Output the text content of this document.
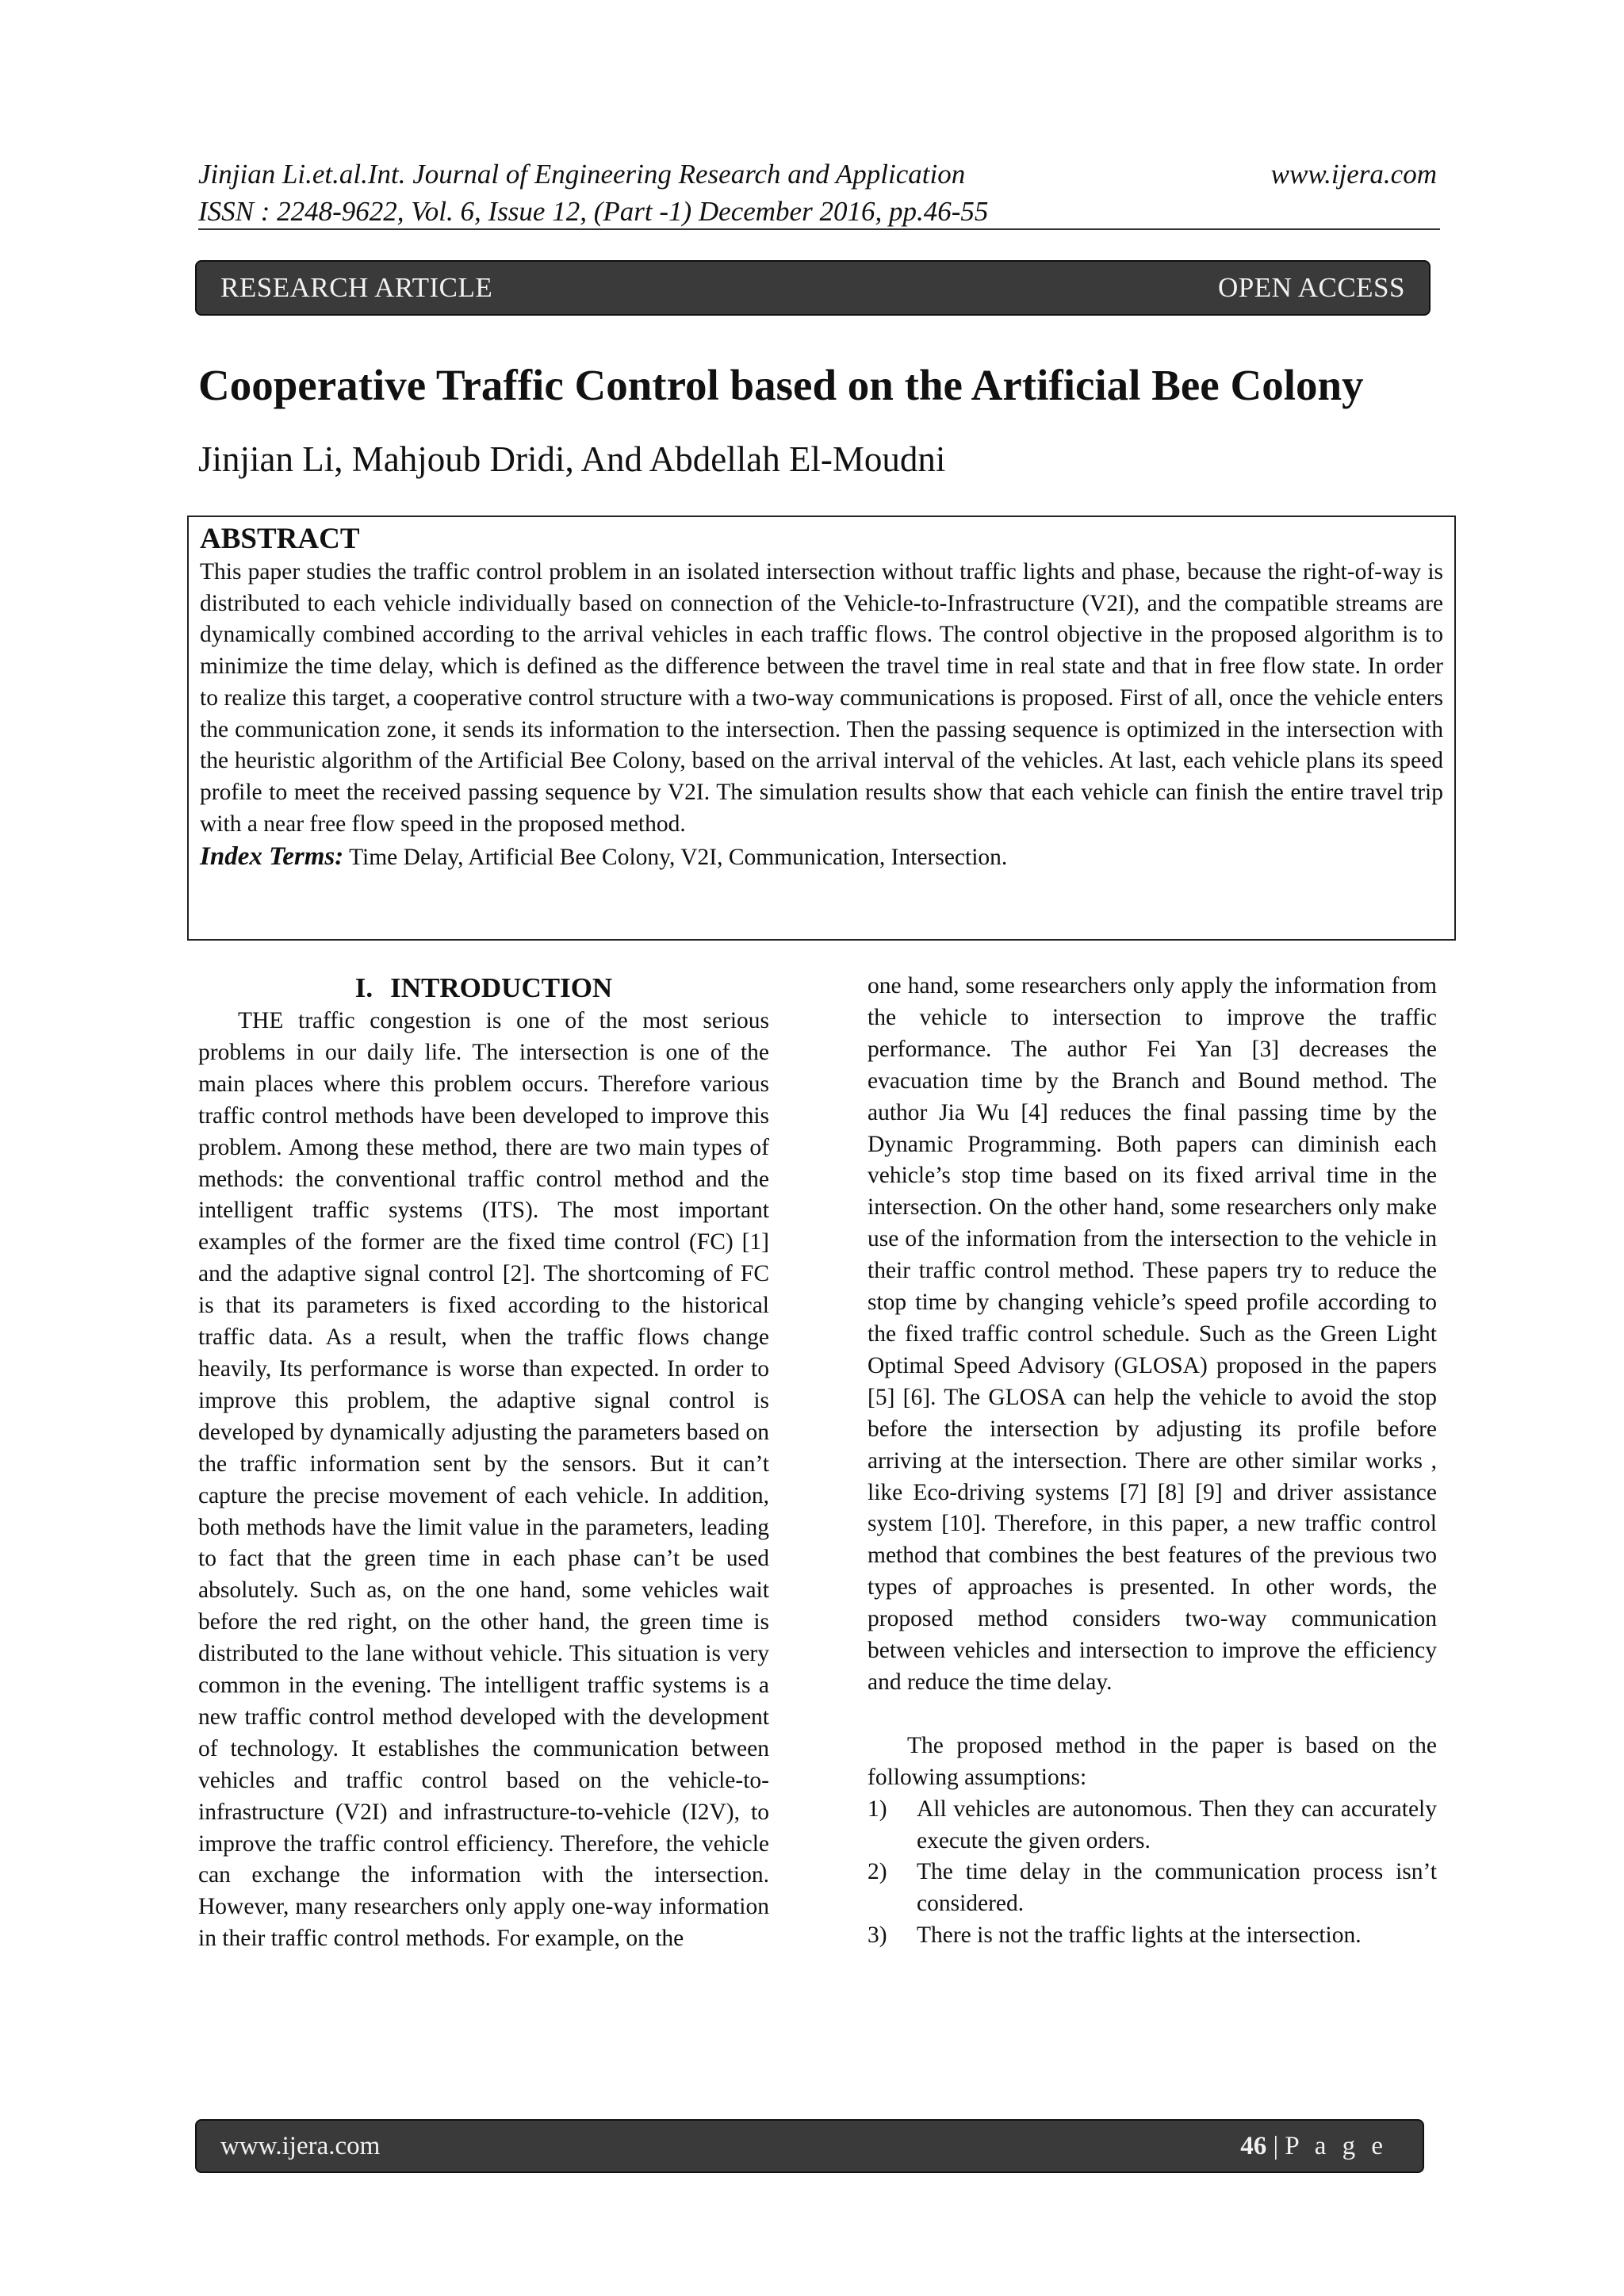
Jinjian Li.et.al.Int. Journal of Engineering Research and Application	www.ijera.com
ISSN : 2248-9622, Vol. 6, Issue 12, (Part -1) December 2016, pp.46-55
RESEARCH ARTICLE	OPEN ACCESS
Cooperative Traffic Control based on the Artificial Bee Colony

Jinjian Li, Mahjoub Dridi, And Abdellah El-Moudni

ABSTRACT

This paper studies the traffic control problem in an isolated intersection without traffic lights and phase, because the right-of-way is distributed to each vehicle individually based on connection of the Vehicle-to-Infrastructure (V2I), and the compatible streams are dynamically combined according to the arrival vehicles in each traffic flows. The control objective in the proposed algorithm is to minimize the time delay, which is defined as the difference between the travel time in real state and that in free flow state. In order to realize this target, a cooperative control structure with a two-way communications is proposed. First of all, once the vehicle enters the communication zone, it sends its information to the intersection. Then the passing sequence is optimized in the intersection with the heuristic algorithm of the Artificial Bee Colony, based on the arrival interval of the vehicles. At last, each vehicle plans its speed profile to meet the received passing sequence by V2I. The simulation results show that each vehicle can finish the entire travel trip with a near free flow speed in the proposed method.

Index Terms: Time Delay, Artificial Bee Colony, V2I, Communication, Intersection.

I. INTRODUCTION

THE traffic congestion is one of the most serious problems in our daily life. The intersection is one of the main places where this problem occurs. Therefore various traffic control methods have been developed to improve this problem. Among these method, there are two main types of methods: the conventional traffic control method and the intelligent traffic systems (ITS). The most important examples of the former are the fixed time control (FC) [1] and the adaptive signal control [2]. The shortcoming of FC is that its parameters is fixed according to the historical traffic data. As a result, when the traffic flows change heavily, Its performance is worse than expected. In order to improve this problem, the adaptive signal control is developed by dynamically adjusting the parameters based on the traffic information sent by the sensors. But it can’t capture the precise movement of each vehicle. In addition, both methods have the limit value in the parameters, leading to fact that the green time in each phase can’t be used absolutely. Such as, on the one hand, some vehicles wait before the red right, on the other hand, the green time is distributed to the lane without vehicle. This situation is very common in the evening. The intelligent traffic systems is a new traffic control method developed with the development of technology. It establishes the communication between vehicles and traffic control based on the vehicle-to-infrastructure (V2I) and infrastructure-to-vehicle (I2V), to improve the traffic control efficiency. Therefore, the vehicle can exchange the information with the intersection. However, many researchers only apply one-way information in their traffic control methods. For example, on the

one hand, some researchers only apply the information from the vehicle to intersection to improve the traffic performance. The author Fei Yan [3] decreases the evacuation time by the Branch and Bound method. The author Jia Wu [4] reduces the final passing time by the Dynamic Programming. Both papers can diminish each vehicle’s stop time based on its fixed arrival time in the intersection. On the other hand, some researchers only make use of the information from the intersection to the vehicle in their traffic control method. These papers try to reduce the stop time by changing vehicle’s speed profile according to the fixed traffic control schedule. Such as the Green Light Optimal Speed Advisory (GLOSA) proposed in the papers [5] [6]. The GLOSA can help the vehicle to avoid the stop before the intersection by adjusting its profile before arriving at the intersection. There are other similar works , like Eco-driving systems [7] [8] [9] and driver assistance system [10]. Therefore, in this paper, a new traffic control method that combines the best features of the previous two types of approaches is presented. In other words, the proposed method considers two-way communication between vehicles and intersection to improve the efficiency and reduce the time delay.

The proposed method in the paper is based on the following assumptions:

1)	All vehicles are autonomous. Then they can accurately execute the given orders.
2)	The time delay in the communication process isn’t considered.
3)	There is not the traffic lights at the intersection.
www.ijera.com	46 | P a g e
